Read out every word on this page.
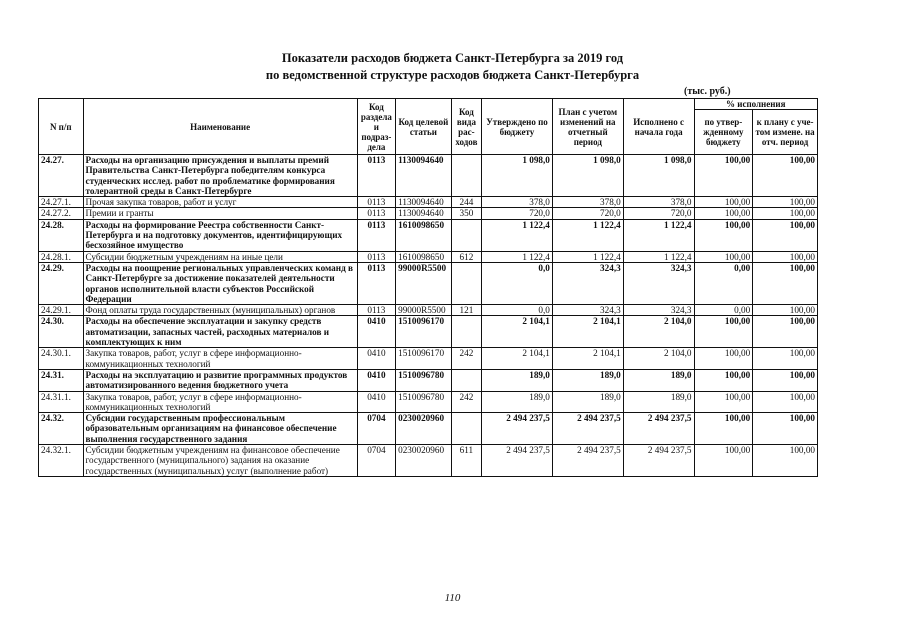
Показатели расходов бюджета Санкт-Петербурга за 2019 год
по ведомственной структуре расходов бюджета Санкт-Петербурга
(тыс. руб.)
N п/п	Наименование	Код раздела и подраз- дела	Код целевой статьи	Код вида рас- ходов	Утверждено по бюджету	План с учетом изменений на отчетный период	Исполнено с начала года	% исполнения	
								по утвер- жденному бюджету	к плану с уче- том измене. на отч. период
24.27.	Расходы на организацию присуждения и выплаты премий Правительства Санкт-Петербурга победителям конкурса студенческих исслед. работ по проблематике формирования толерантной среды в Санкт-Петербурге	0113	1130094640		1 098,0	1 098,0	1 098,0	100,00	100,00
24.27.1.	Прочая закупка товаров, работ и услуг	0113	1130094640	244	378,0	378,0	378,0	100,00	100,00
24.27.2.	Премии и гранты	0113	1130094640	350	720,0	720,0	720,0	100,00	100,00
24.28.	Расходы на формирование Реестра собственности Санкт-Петербурга и на подготовку документов, идентифицирующих бесхозяйное имущество	0113	1610098650		1 122,4	1 122,4	1 122,4	100,00	100,00
24.28.1.	Субсидии бюджетным учреждениям на иные цели	0113	1610098650	612	1 122,4	1 122,4	1 122,4	100,00	100,00
24.29.	Расходы на поощрение региональных управленческих команд в Санкт-Петербурге за достижение показателей деятельности органов исполнительной власти субъектов Российской Федерации	0113	99000R5500		0,0	324,3	324,3	0,00	100,00
24.29.1.	Фонд оплаты труда государственных (муниципальных) органов	0113	99000R5500	121	0,0	324,3	324,3	0,00	100,00
24.30.	Расходы на обеспечение эксплуатации и закупку средств автоматизации, запасных частей, расходных материалов и комплектующих к ним	0410	1510096170		2 104,1	2 104,1	2 104,0	100,00	100,00
24.30.1.	Закупка товаров, работ, услуг в сфере информационно-коммуникационных технологий	0410	1510096170	242	2 104,1	2 104,1	2 104,0	100,00	100,00
24.31.	Расходы на эксплуатацию и развитие программных продуктов автоматизированного ведения бюджетного учета	0410	1510096780		189,0	189,0	189,0	100,00	100,00
24.31.1.	Закупка товаров, работ, услуг в сфере информационно-коммуникационных технологий	0410	1510096780	242	189,0	189,0	189,0	100,00	100,00
24.32.	Субсидии государственным профессиональным образовательным организациям на финансовое обеспечение выполнения государственного задания	0704	0230020960		2 494 237,5	2 494 237,5	2 494 237,5	100,00	100,00
24.32.1.	Субсидии бюджетным учреждениям на финансовое обеспечение государственного (муниципального) задания на оказание государственных (муниципальных) услуг (выполнение работ)	0704	0230020960	611	2 494 237,5	2 494 237,5	2 494 237,5	100,00	100,00
110
